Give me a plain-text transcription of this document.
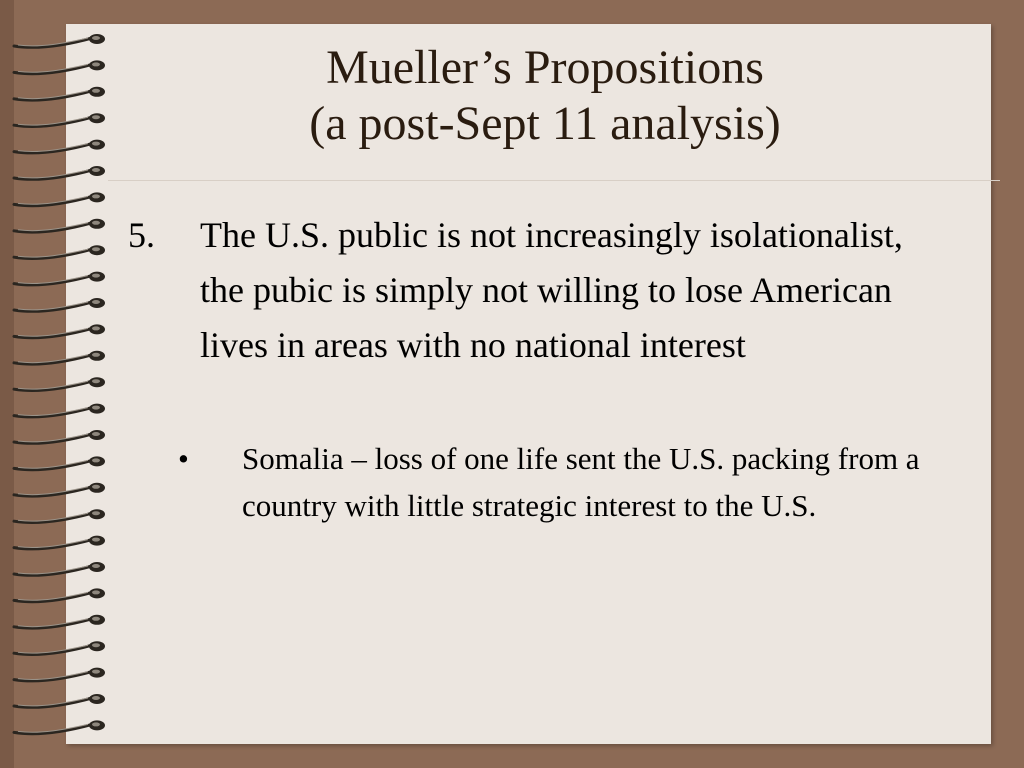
Mueller’s Propositions
(a post-Sept 11 analysis)
5. The U.S. public is not increasingly isolationalist, the pubic is simply not willing to lose American lives in areas with no national interest
• Somalia – loss of one life sent the U.S. packing from a country with little strategic interest to the U.S.
